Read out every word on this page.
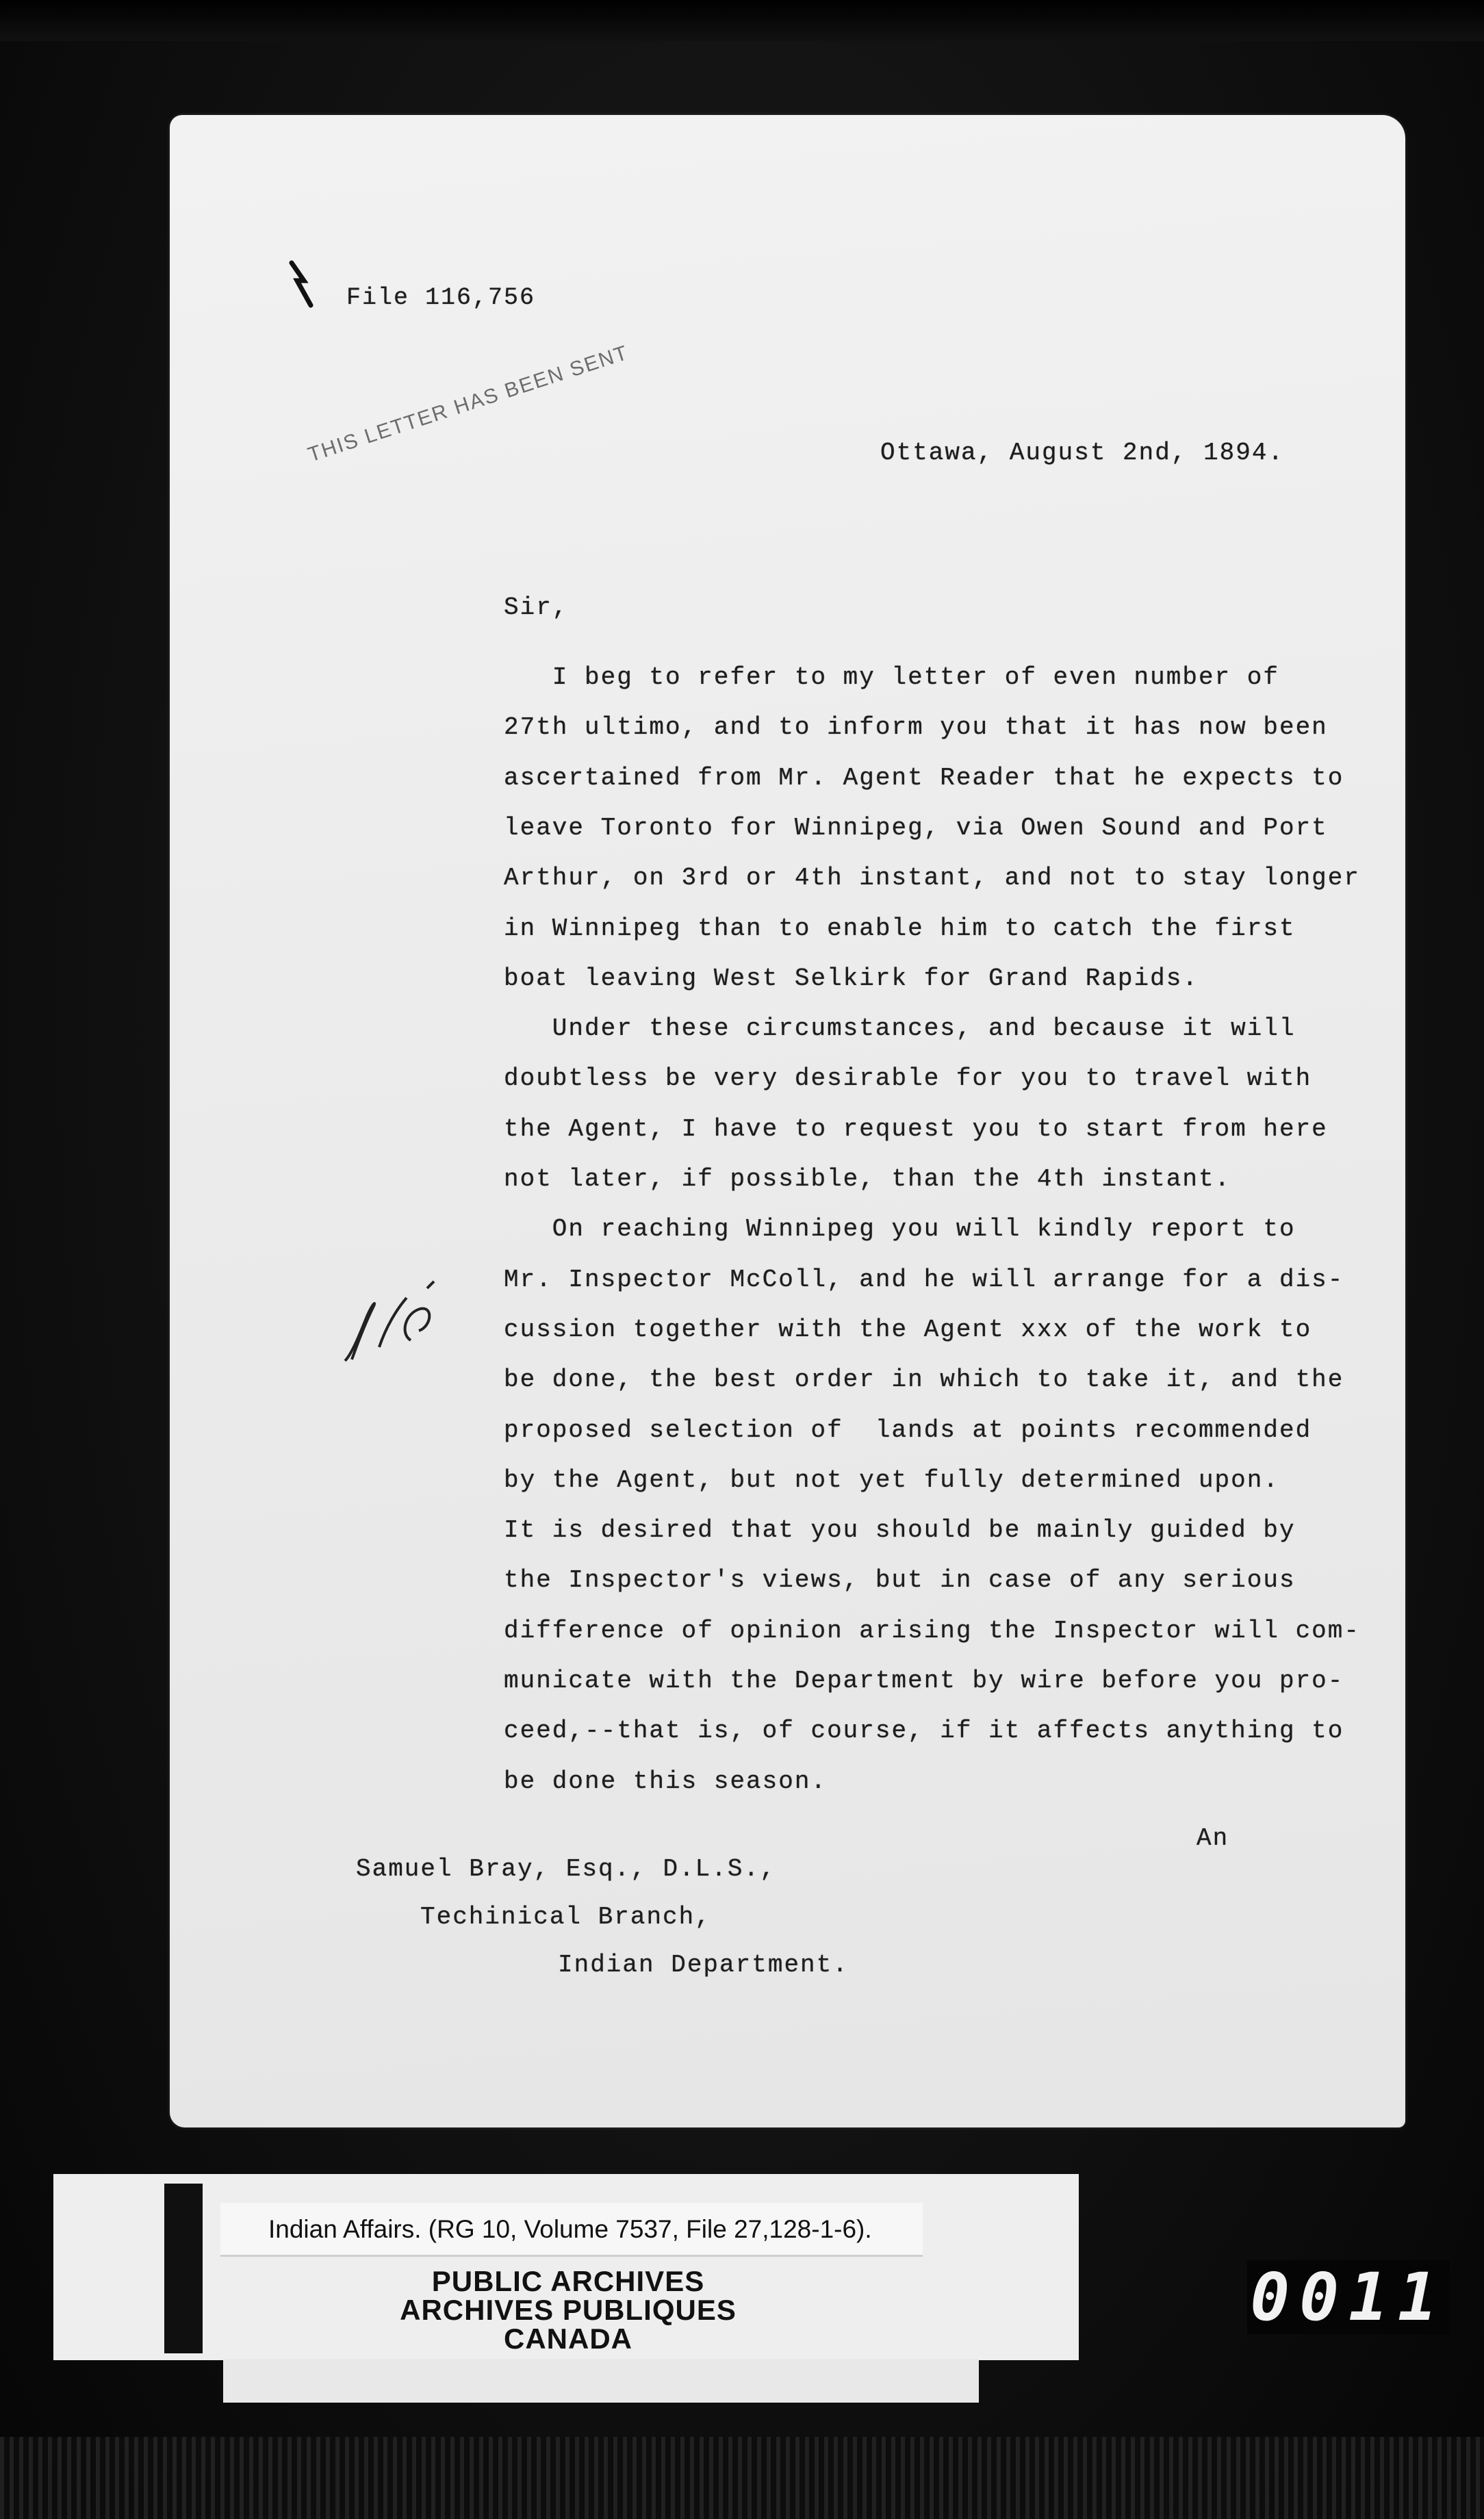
File 116,756
THIS LETTER HAS BEEN SENT	Ottawa, August 2nd, 1894.
Sir,
I beg to refer to my letter of even number of
27th ultimo, and to inform you that it has now been
ascertained from Mr. Agent Reader that he expects to
leave Toronto for Winnipeg, via Owen Sound and Port
Arthur, on 3rd or 4th instant, and not to stay longer
in Winnipeg than to enable him to catch the first
boat leaving West Selkirk for Grand Rapids.
Under these circumstances, and because it will
doubtless be very desirable for you to travel with
the Agent, I have to request you to start from here
not later, if possible, than the 4th instant.
On reaching Winnipeg you will kindly report to
Mr. Inspector McColl, and he will arrange for a dis-
cussion together with the Agent xxx of the work to
be done, the best order in which to take it, and the
proposed selection of  lands at points recommended
by the Agent, but not yet fully determined upon.
It is desired that you should be mainly guided by
the Inspector's views, but in case of any serious
difference of opinion arising the Inspector will com-
municate with the Department by wire before you pro-
ceed,--that is, of course, if it affects anything to
be done this season.
An
Samuel Bray, Esq., D.L.S.,
Techinical Branch,
Indian Department.
Indian Affairs. (RG 10, Volume 7537, File 27,128-1-6).
PUBLIC ARCHIVES
ARCHIVES PUBLIQUES
CANADA
0011
